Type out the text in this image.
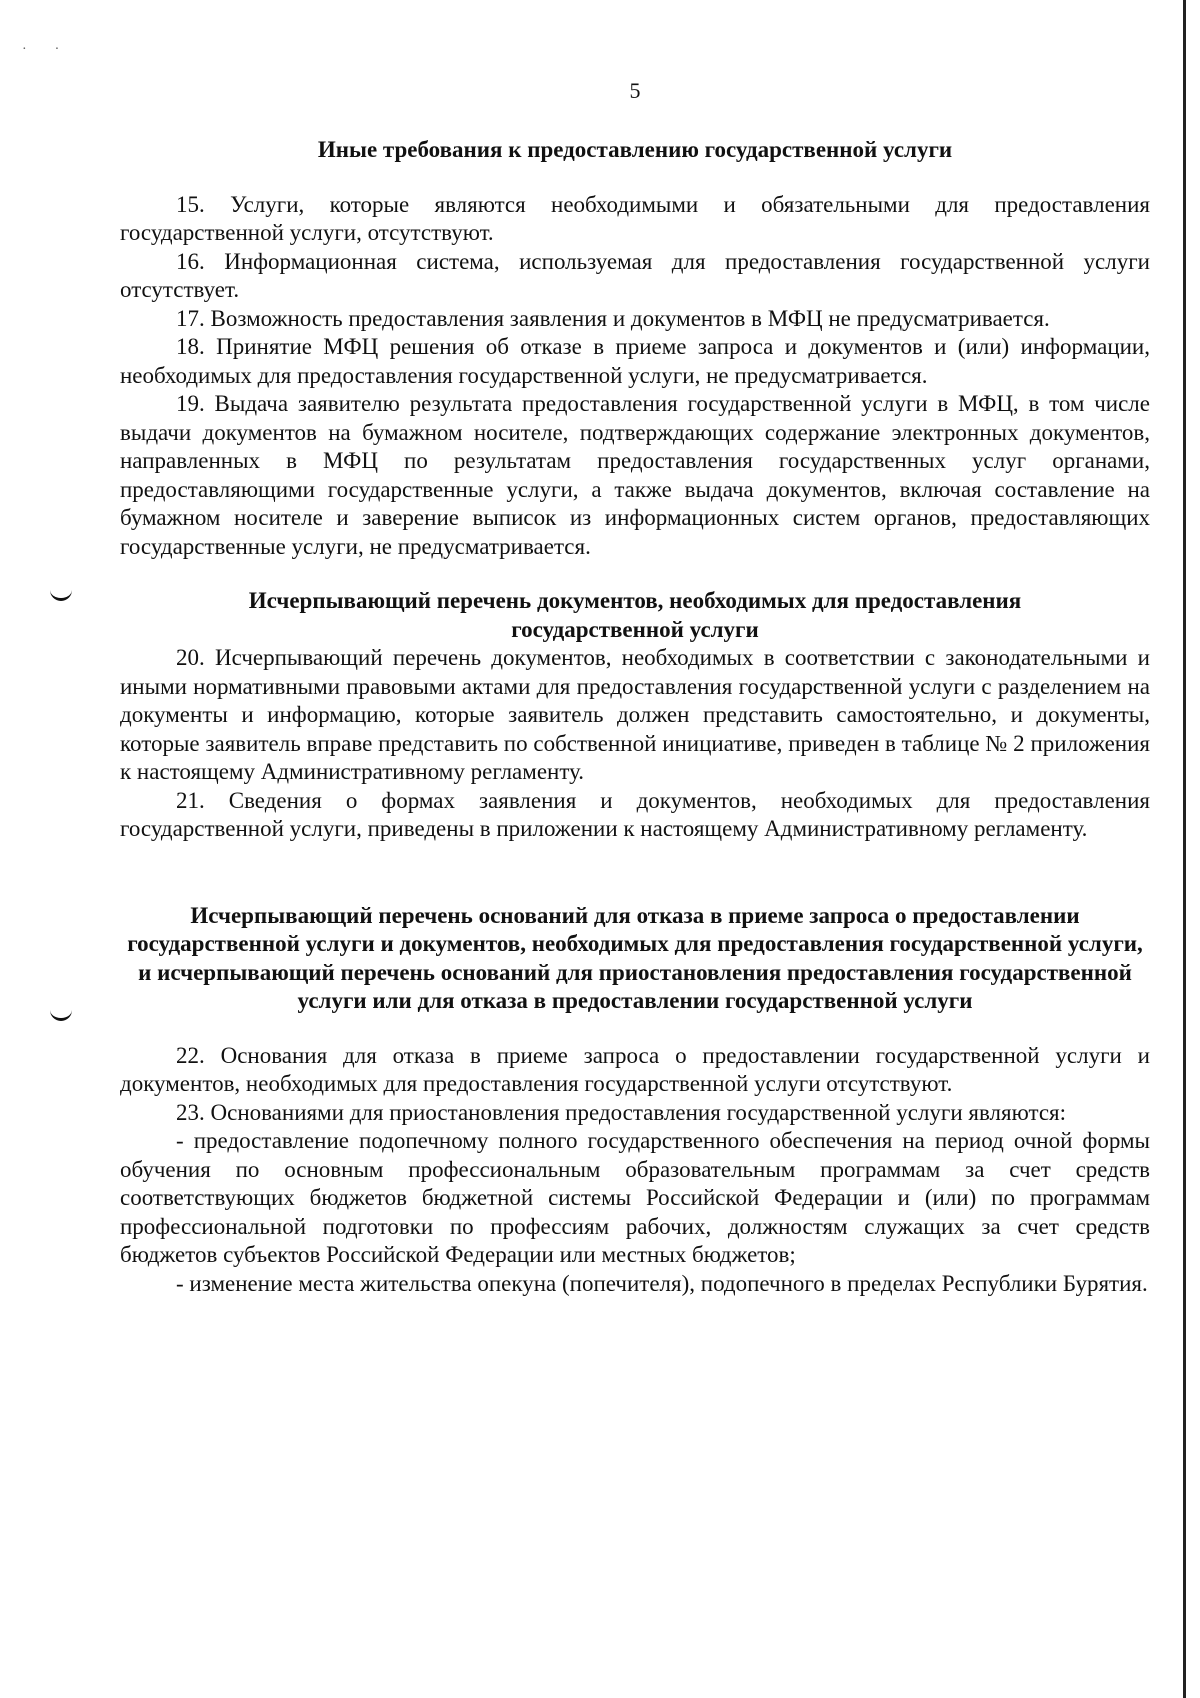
·        ·
5
Иные требования к предоставлению государственной услуги

15. Услуги, которые являются необходимыми и обязательными для предоставления государственной услуги, отсутствуют.

16. Информационная система, используемая для предоставления государственной услуги отсутствует.

17. Возможность предоставления заявления и документов в МФЦ не предусматривается.

18. Принятие МФЦ решения об отказе в приеме запроса и документов и (или) информации, необходимых для предоставления государственной услуги, не предусматривается.

19. Выдача заявителю результата предоставления государственной услуги в МФЦ, в том числе выдачи документов на бумажном носителе, подтверждающих содержание электронных документов, направленных в МФЦ по результатам предоставления государственных услуг органами, предоставляющими государственные услуги, а также выдача документов, включая составление на бумажном носителе и заверение выписок из информационных систем органов, предоставляющих государственные услуги, не предусматривается.

Исчерпывающий перечень документов, необходимых для предоставления государственной услуги

20. Исчерпывающий перечень документов, необходимых в соответствии с законодательными и иными нормативными правовыми актами для предоставления государственной услуги с разделением на документы и информацию, которые заявитель должен представить самостоятельно, и документы, которые заявитель вправе представить по собственной инициативе, приведен в таблице № 2 приложения к настоящему Административному регламенту.

21. Сведения о формах заявления и документов, необходимых для предоставления государственной услуги, приведены в приложении к настоящему Административному регламенту.

Исчерпывающий перечень оснований для отказа в приеме запроса о предоставлении государственной услуги и документов, необходимых для предоставления государственной услуги, и исчерпывающий перечень оснований для приостановления предоставления государственной услуги или для отказа в предоставлении государственной услуги

22. Основания для отказа в приеме запроса о предоставлении государственной услуги и документов, необходимых для предоставления государственной услуги отсутствуют.

23. Основаниями для приостановления предоставления государственной услуги являются:

- предоставление подопечному полного государственного обеспечения на период очной формы обучения по основным профессиональным образовательным программам за счет средств соответствующих бюджетов бюджетной системы Российской Федерации и (или) по программам профессиональной подготовки по профессиям рабочих, должностям служащих за счет средств бюджетов субъектов Российской Федерации или местных бюджетов;

- изменение места жительства опекуна (попечителя), подопечного в пределах Республики Бурятия.
